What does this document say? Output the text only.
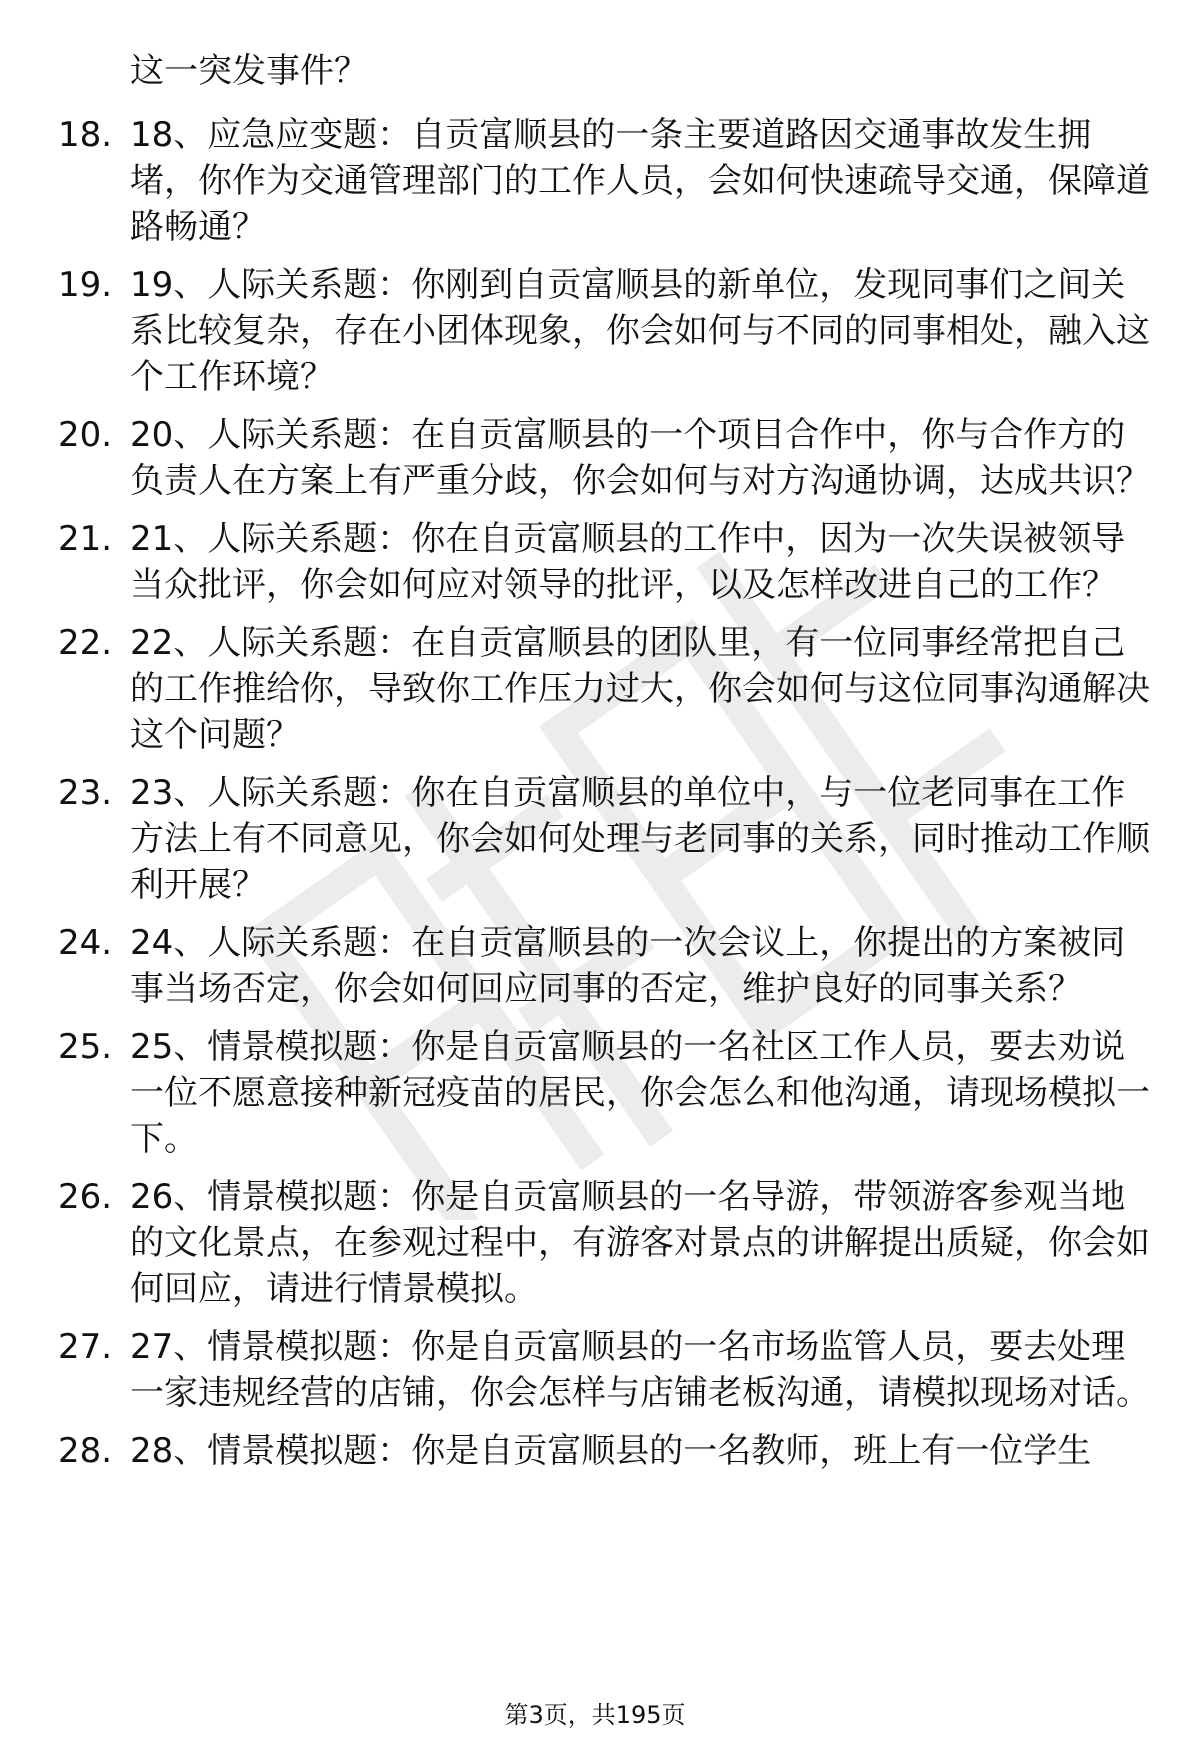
这一突发事件？
18. 18、应急应变题：自贡富顺县的一条主要道路因交通事故发生拥堵，你作为交通管理部门的工作人员，会如何快速疏导交通，保障道路畅通？
19. 19、人际关系题：你刚到自贡富顺县的新单位，发现同事们之间关系比较复杂，存在小团体现象，你会如何与不同的同事相处，融入这个工作环境？
20. 20、人际关系题：在自贡富顺县的一个项目合作中，你与合作方的负责人在方案上有严重分歧，你会如何与对方沟通协调，达成共识？
21. 21、人际关系题：你在自贡富顺县的工作中，因为一次失误被领导当众批评，你会如何应对领导的批评，以及怎样改进自己的工作？
22. 22、人际关系题：在自贡富顺县的团队里，有一位同事经常把自己的工作推给你，导致你工作压力过大，你会如何与这位同事沟通解决这个问题？
23. 23、人际关系题：你在自贡富顺县的单位中，与一位老同事在工作方法上有不同意见，你会如何处理与老同事的关系，同时推动工作顺利开展？
24. 24、人际关系题：在自贡富顺县的一次会议上，你提出的方案被同事当场否定，你会如何回应同事的否定，维护良好的同事关系？
25. 25、情景模拟题：你是自贡富顺县的一名社区工作人员，要去劝说一位不愿意接种新冠疫苗的居民，你会怎么和他沟通，请现场模拟一下。
26. 26、情景模拟题：你是自贡富顺县的一名导游，带领游客参观当地的文化景点，在参观过程中，有游客对景点的讲解提出质疑，你会如何回应，请进行情景模拟。
27. 27、情景模拟题：你是自贡富顺县的一名市场监管人员，要去处理一家违规经营的店铺，你会怎样与店铺老板沟通，请模拟现场对话。
28. 28、情景模拟题：你是自贡富顺县的一名教师，班上有一位学生
第3页，共195页
